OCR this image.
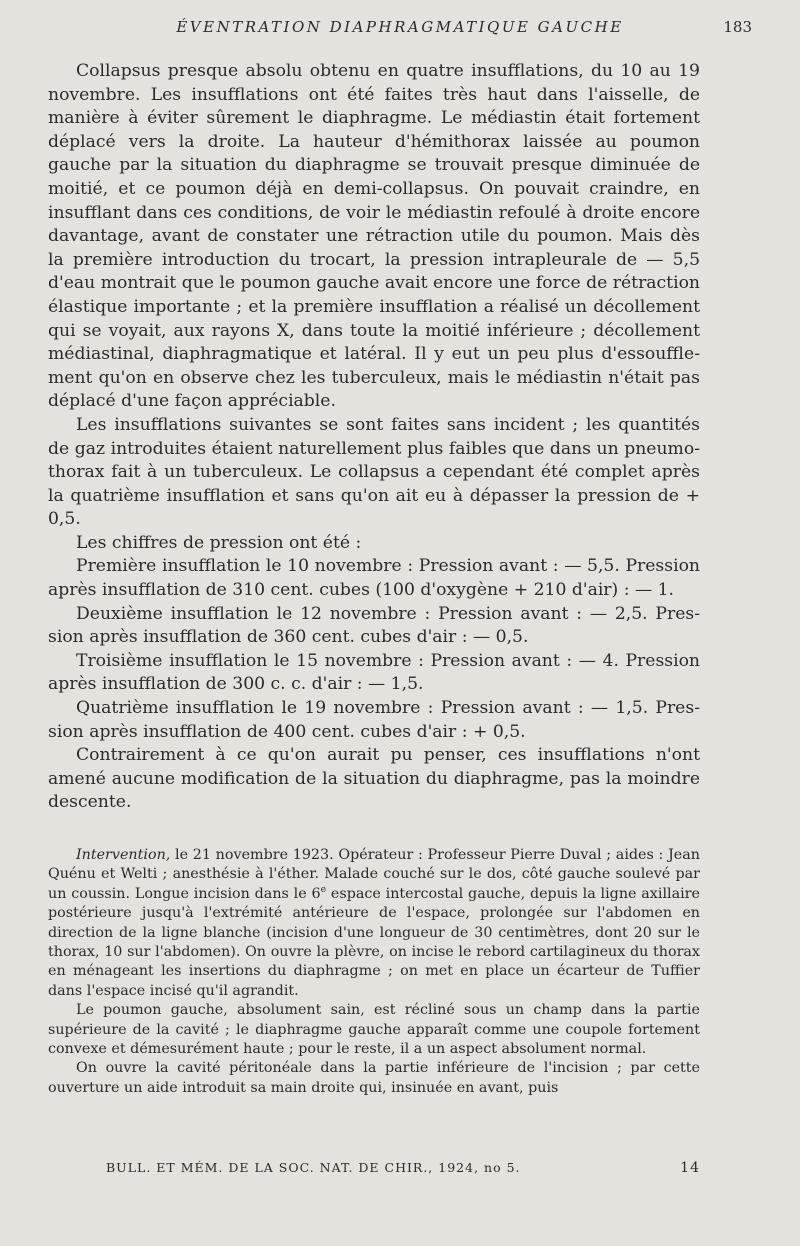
ÉVENTRATION DIAPHRAGMATIQUE GAUCHE	183

Collapsus presque absolu obtenu en quatre insufflations, du 10 au 19 novembre. Les insufflations ont été faites très haut dans l'aisselle, de manière à éviter sûrement le diaphragme. Le médiastin était fortement déplacé vers la droite. La hauteur d'hémithorax laissée au poumon gauche par la situation du diaphragme se trouvait presque diminuée de moitié, et ce poumon déjà en demi-collapsus. On pouvait craindre, en insufflant dans ces conditions, de voir le médiastin refoulé à droite encore davantage, avant de constater une rétraction utile du poumon. Mais dès la première introduction du trocart, la pression intrapleurale de — 5,5 d'eau montrait que le poumon gauche avait encore une force de rétraction élastique importante ; et la première insufflation a réalisé un décollement qui se voyait, aux rayons X, dans toute la moitié inférieure ; décollement médiastinal, diaphragmatique et latéral. Il y eut un peu plus d'essoufflement qu'on en observe chez les tuberculeux, mais le médiastin n'était pas déplacé d'une façon appréciable.

Les insufflations suivantes se sont faites sans incident ; les quantités de gaz introduites étaient naturellement plus faibles que dans un pneumothorax fait à un tuberculeux. Le collapsus a cependant été complet après la quatrième insufflation et sans qu'on ait eu à dépasser la pression de + 0,5.

Les chiffres de pression ont été :

Première insufflation le 10 novembre : Pression avant : — 5,5. Pression après insufflation de 310 cent. cubes (100 d'oxygène + 210 d'air) : — 1.

Deuxième insufflation le 12 novembre : Pression avant : — 2,5. Pression après insufflation de 360 cent. cubes d'air : — 0,5.

Troisième insufflation le 15 novembre : Pression avant : — 4. Pression après insufflation de 300 c. c. d'air : — 1,5.

Quatrième insufflation le 19 novembre : Pression avant : — 1,5. Pression après insufflation de 400 cent. cubes d'air : + 0,5.

Contrairement à ce qu'on aurait pu penser, ces insufflations n'ont amené aucune modification de la situation du diaphragme, pas la moindre descente.

Intervention, le 21 novembre 1923. Opérateur : Professeur Pierre Duval ; aides : Jean Quénu et Welti ; anesthésie à l'éther. Malade couché sur le dos, côté gauche soulevé par un coussin. Longue incision dans le 6e espace intercostal gauche, depuis la ligne axillaire postérieure jusqu'à l'extrémité antérieure de l'espace, prolongée sur l'abdomen en direction de la ligne blanche (incision d'une longueur de 30 centimètres, dont 20 sur le thorax, 10 sur l'abdomen). On ouvre la plèvre, on incise le rebord cartilagineux du thorax en ménageant les insertions du diaphragme ; on met en place un écarteur de Tuffier dans l'espace incisé qu'il agrandit.

Le poumon gauche, absolument sain, est récliné sous un champ dans la partie supérieure de la cavité ; le diaphragme gauche apparaît comme une coupole fortement convexe et démesurément haute ; pour le reste, il a un aspect absolument normal.

On ouvre la cavité péritonéale dans la partie inférieure de l'incision ; par cette ouverture un aide introduit sa main droite qui, insinuée en avant, puis

BULL. ET MÉM. DE LA SOC. NAT. DE CHIR., 1924, no 5.	14
